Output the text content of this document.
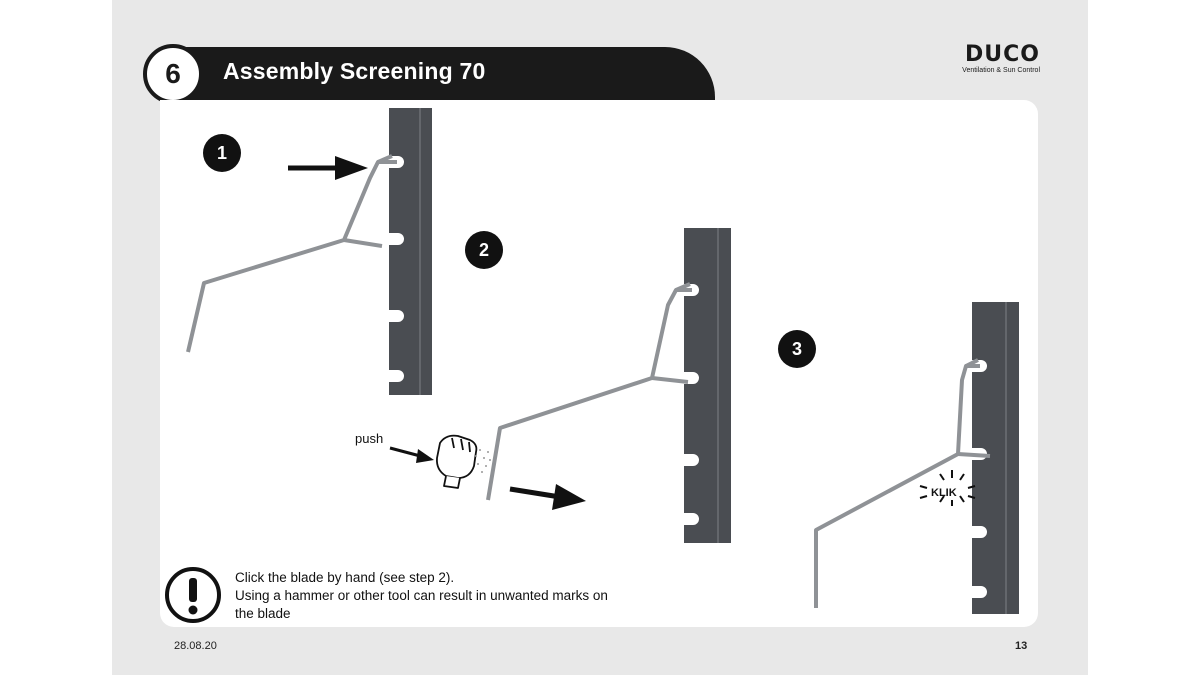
Assembly Screening 70
6
DUCO
Ventilation & Sun Control
push
KLIK
1
2
3
Click the blade by hand (see step 2).
Using a hammer or other tool can result in unwanted marks on
the blade
28.08.20	13
